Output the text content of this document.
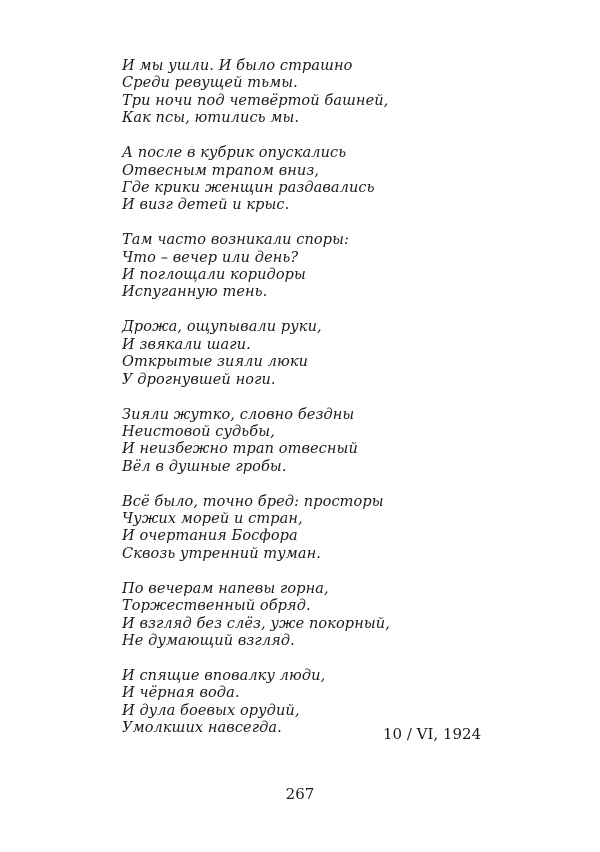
И мы ушли. И было страшно
Среди ревущей тьмы.
Три ночи под четвёртой башней,
Как псы, ютились мы.
А после в кубрик опускались
Отвесным трапом вниз,
Где крики женщин раздавались
И визг детей и крыс.
Там часто возникали споры:
Что – вечер или день?
И поглощали коридоры
Испуганную тень.
Дрожа, ощупывали руки,
И звякали шаги.
Открытые зияли люки
У дрогнувшей ноги.
Зияли жутко, словно бездны
Неистовой судьбы,
И неизбежно трап отвесный
Вёл в душные гробы.
Всё было, точно бред: просторы
Чужих морей и стран,
И очертания Босфора
Сквозь утренний туман.
По вечерам напевы горна,
Торжественный обряд.
И взгляд без слёз, уже покорный,
Не думающий взгляд.
И спящие вповалку люди,
И чёрная вода.
И дула боевых орудий,
Умолкших навсегда.	10 / VI, 1924
267
